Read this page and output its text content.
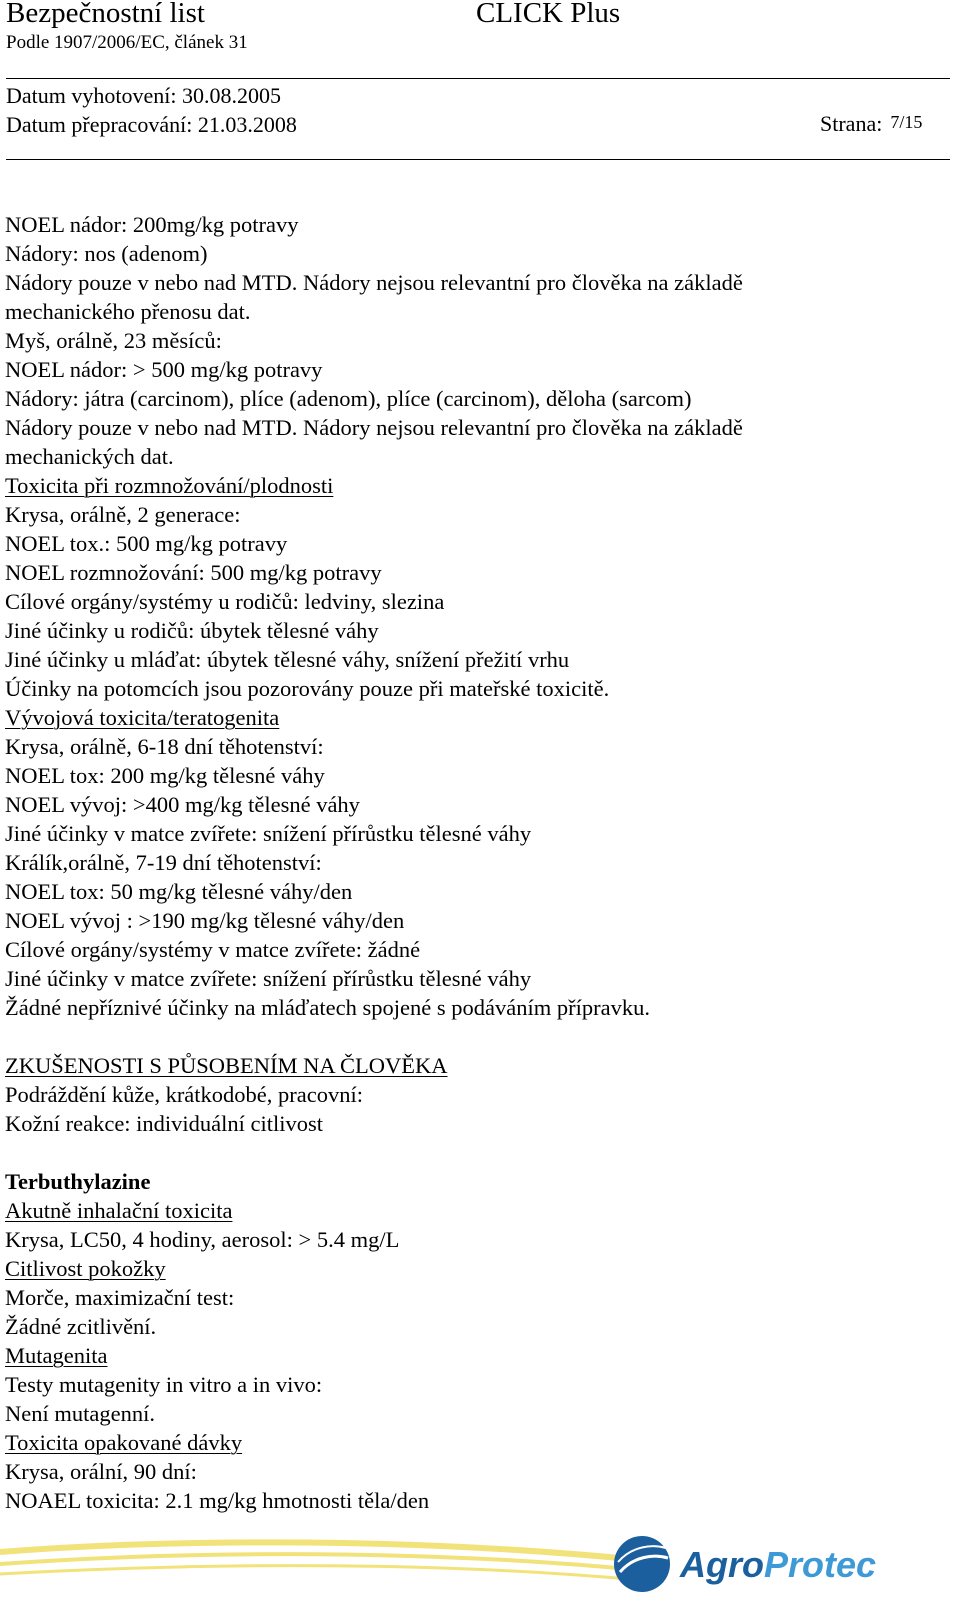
Bezpečnostní list	CLICK Plus
Podle 1907/2006/EC, článek 31
Datum vyhotovení: 30.08.2005
Datum přepracování: 21.03.2008	Strana: 7/15
NOEL nádor: 200mg/kg potravy
Nádory: nos (adenom)
Nádory pouze v nebo nad MTD. Nádory nejsou relevantní pro člověka na základě
mechanického přenosu dat.
Myš, orálně, 23 měsíců:
NOEL nádor: > 500 mg/kg potravy
Nádory: játra (carcinom), plíce (adenom), plíce (carcinom), děloha (sarcom)
Nádory pouze v nebo nad MTD. Nádory nejsou relevantní pro člověka na základě
mechanických dat.
Toxicita při rozmnožování/plodnosti
Krysa, orálně, 2 generace:
NOEL tox.: 500 mg/kg potravy
NOEL rozmnožování: 500 mg/kg potravy
Cílové orgány/systémy u rodičů: ledviny, slezina
Jiné účinky u rodičů: úbytek tělesné váhy
Jiné účinky u mláďat: úbytek tělesné váhy, snížení přežití vrhu
Účinky na potomcích jsou pozorovány pouze při mateřské toxicitě.
Vývojová toxicita/teratogenita
Krysa, orálně, 6-18 dní těhotenství:
NOEL tox: 200 mg/kg tělesné váhy
NOEL vývoj: >400 mg/kg tělesné váhy
Jiné účinky v matce zvířete: snížení přírůstku tělesné váhy
Králík,orálně, 7-19 dní těhotenství:
NOEL tox: 50 mg/kg tělesné váhy/den
NOEL vývoj : >190 mg/kg tělesné váhy/den
Cílové orgány/systémy v matce zvířete: žádné
Jiné účinky v matce zvířete: snížení přírůstku tělesné váhy
Žádné nepříznivé účinky na mláďatech spojené s podáváním přípravku.
ZKUŠENOSTI S PŮSOBENÍM NA ČLOVĚKA
Podráždění kůže, krátkodobé, pracovní:
Kožní reakce: individuální citlivost
Terbuthylazine
Akutně inhalační toxicita
Krysa, LC50, 4 hodiny, aerosol: > 5.4 mg/L
Citlivost pokožky
Morče, maximizační test:
Žádné zcitlivění.
Mutagenita
Testy mutagenity in vitro a in vivo:
Není mutagenní.
Toxicita opakované dávky
Krysa, orální, 90 dní:
NOAEL toxicita: 2.1 mg/kg hmotnosti těla/den
AgroProtec
